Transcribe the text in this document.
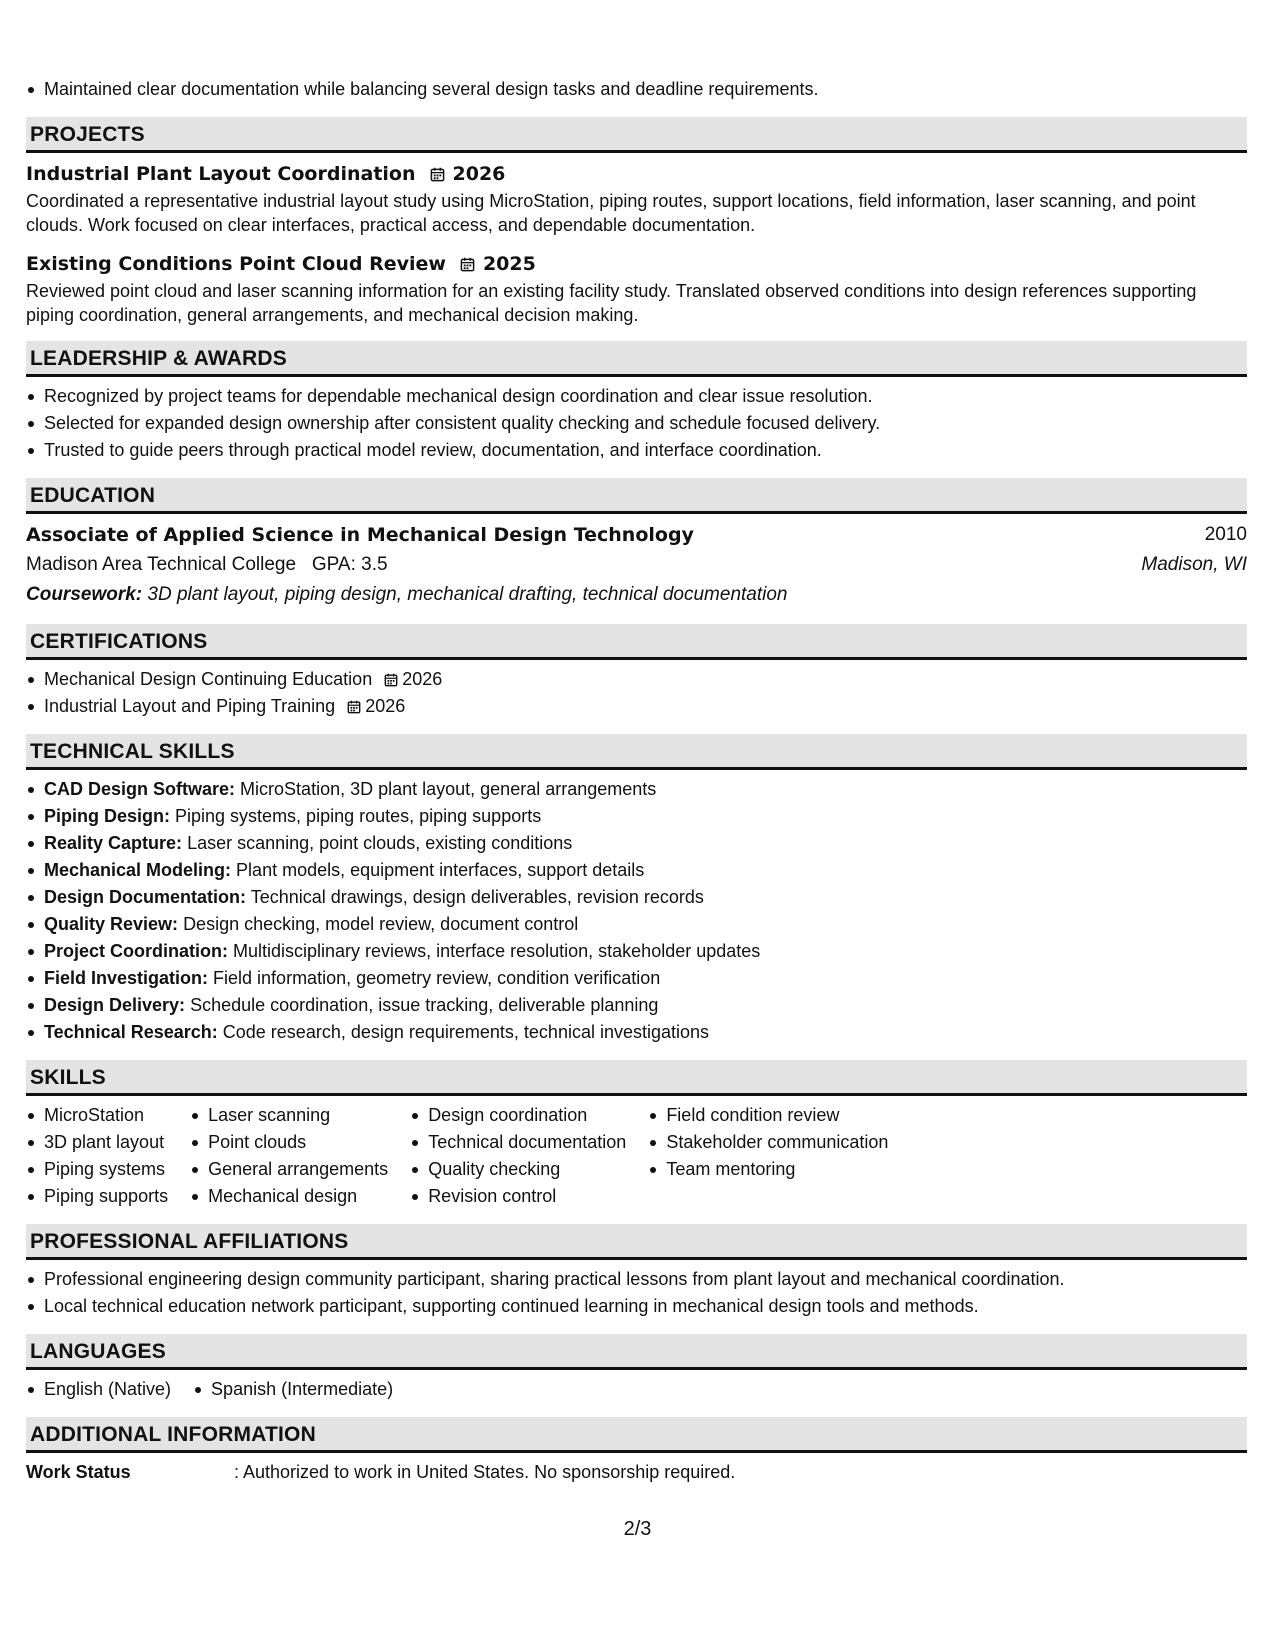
Maintained clear documentation while balancing several design tasks and deadline requirements.
PROJECTS
Industrial Plant Layout Coordination 2026
Coordinated a representative industrial layout study using MicroStation, piping routes, support locations, field information, laser scanning, and point clouds. Work focused on clear interfaces, practical access, and dependable documentation.
Existing Conditions Point Cloud Review 2025
Reviewed point cloud and laser scanning information for an existing facility study. Translated observed conditions into design references supporting piping coordination, general arrangements, and mechanical decision making.
LEADERSHIP & AWARDS
Recognized by project teams for dependable mechanical design coordination and clear issue resolution.
Selected for expanded design ownership after consistent quality checking and schedule focused delivery.
Trusted to guide peers through practical model review, documentation, and interface coordination.
EDUCATION
Associate of Applied Science in Mechanical Design Technology	2010
Madison Area Technical College GPA: 3.5	Madison, WI
Coursework: 3D plant layout, piping design, mechanical drafting, technical documentation
CERTIFICATIONS
Mechanical Design Continuing Education 2026
Industrial Layout and Piping Training 2026
TECHNICAL SKILLS
CAD Design Software: MicroStation, 3D plant layout, general arrangements
Piping Design: Piping systems, piping routes, piping supports
Reality Capture: Laser scanning, point clouds, existing conditions
Mechanical Modeling: Plant models, equipment interfaces, support details
Design Documentation: Technical drawings, design deliverables, revision records
Quality Review: Design checking, model review, document control
Project Coordination: Multidisciplinary reviews, interface resolution, stakeholder updates
Field Investigation: Field information, geometry review, condition verification
Design Delivery: Schedule coordination, issue tracking, deliverable planning
Technical Research: Code research, design requirements, technical investigations
SKILLS
MicroStation
3D plant layout
Piping systems
Piping supports
Laser scanning
Point clouds
General arrangements
Mechanical design
Design coordination
Technical documentation
Quality checking
Revision control
Field condition review
Stakeholder communication
Team mentoring
PROFESSIONAL AFFILIATIONS
Professional engineering design community participant, sharing practical lessons from plant layout and mechanical coordination.
Local technical education network participant, supporting continued learning in mechanical design tools and methods.
LANGUAGES
English (Native)	Spanish (Intermediate)
ADDITIONAL INFORMATION
Work Status	: Authorized to work in United States. No sponsorship required.
2/3
